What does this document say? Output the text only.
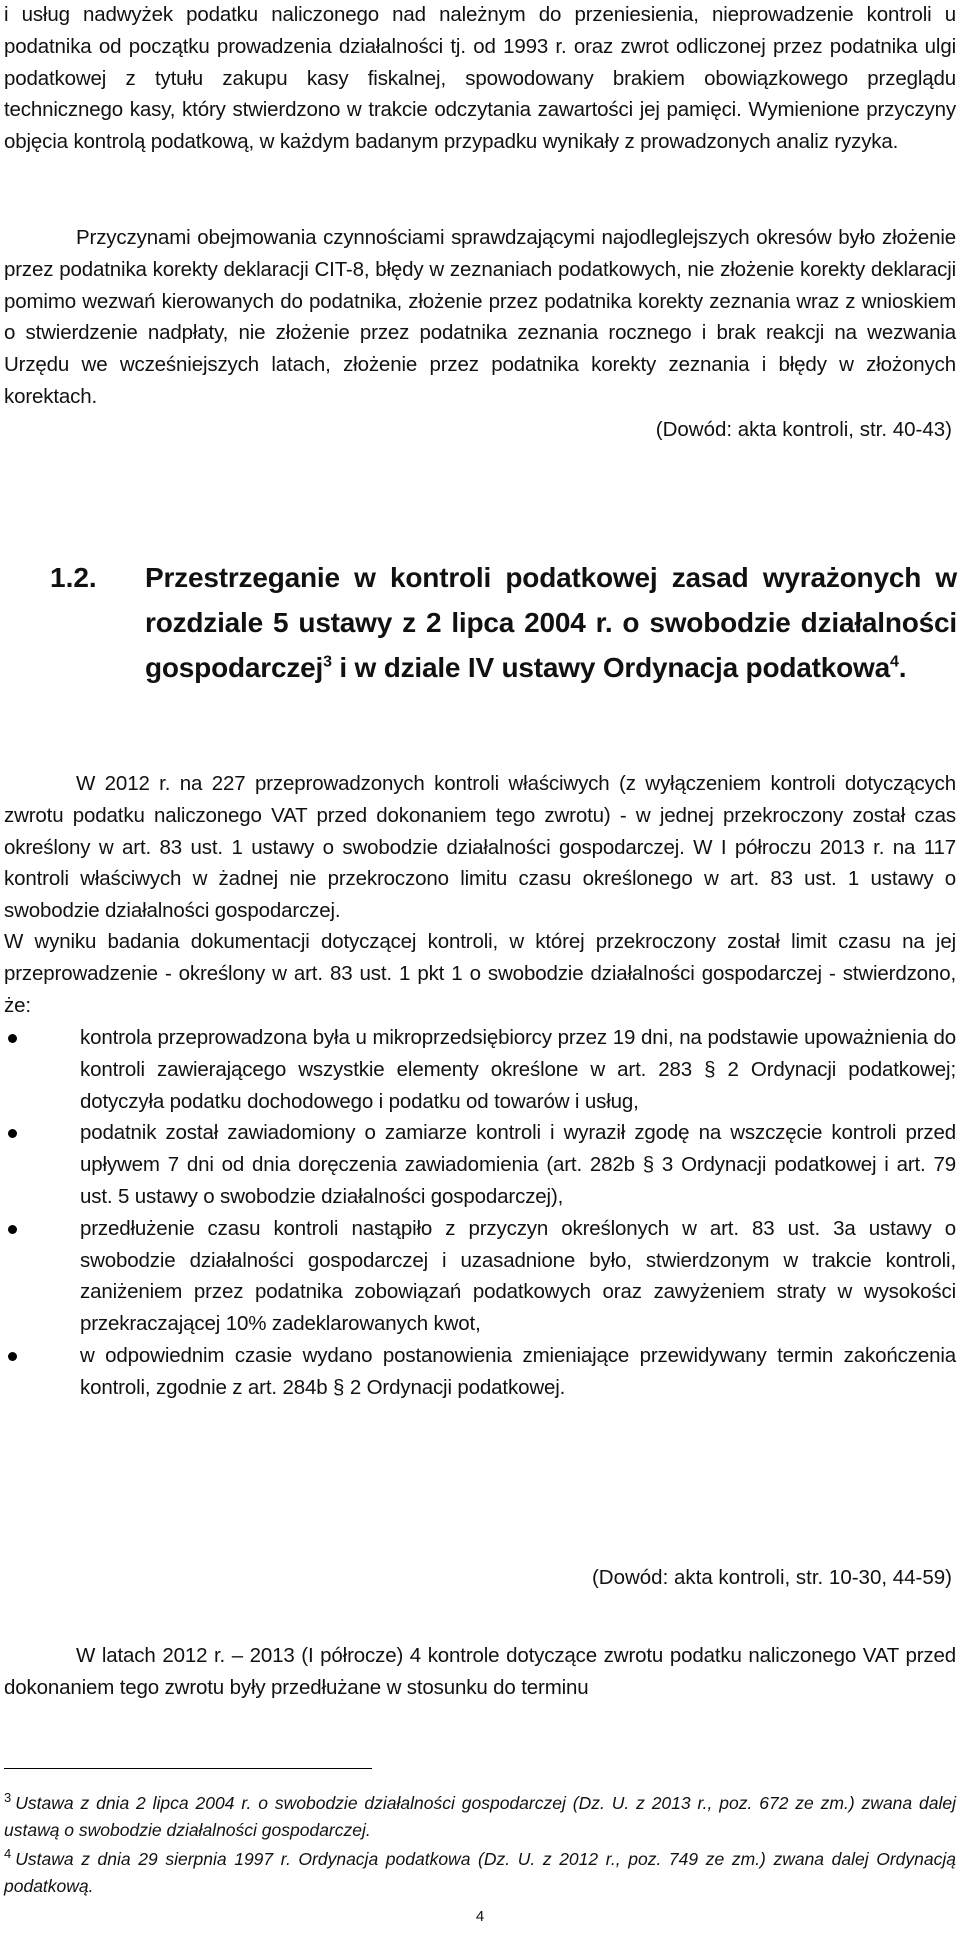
i usług nadwyżek podatku naliczonego nad należnym do przeniesienia, nieprowadzenie kontroli u podatnika od początku prowadzenia działalności tj. od 1993 r. oraz zwrot odliczonej przez podatnika ulgi podatkowej z tytułu zakupu kasy fiskalnej, spowodowany brakiem obowiązkowego przeglądu technicznego kasy, który stwierdzono w trakcie odczytania zawartości jej pamięci. Wymienione przyczyny objęcia kontrolą podatkową, w każdym badanym przypadku wynikały z prowadzonych analiz ryzyka.

Przyczynami obejmowania czynnościami sprawdzającymi najodleglejszych okresów było złożenie przez podatnika korekty deklaracji CIT-8, błędy w zeznaniach podatkowych, nie złożenie korekty deklaracji pomimo wezwań kierowanych do podatnika, złożenie przez podatnika korekty zeznania wraz z wnioskiem o stwierdzenie nadpłaty, nie złożenie przez podatnika zeznania rocznego i brak reakcji na wezwania Urzędu we wcześniejszych latach, złożenie przez podatnika korekty zeznania i błędy w złożonych korektach.

(Dowód: akta kontroli, str. 40-43)

1.2. Przestrzeganie w kontroli podatkowej zasad wyrażonych w rozdziale 5 ustawy z 2 lipca 2004 r. o swobodzie działalności gospodarczej$^3$ i w dziale IV ustawy Ordynacja podatkowa$^4$.

W 2012 r. na 227 przeprowadzonych kontroli właściwych (z wyłączeniem kontroli dotyczących zwrotu podatku naliczonego VAT przed dokonaniem tego zwrotu) - w jednej przekroczony został czas określony w art. 83 ust. 1 ustawy o swobodzie działalności gospodarczej. W I półroczu 2013 r. na 117 kontroli właściwych w żadnej nie przekroczono limitu czasu określonego w art. 83 ust. 1 ustawy o swobodzie działalności gospodarczej.

W wyniku badania dokumentacji dotyczącej kontroli, w której przekroczony został limit czasu na jej przeprowadzenie - określony w art. 83 ust. 1 pkt 1 o swobodzie działalności gospodarczej - stwierdzono, że:

kontrola przeprowadzona była u mikroprzedsiębiorcy przez 19 dni, na podstawie upoważnienia do kontroli zawierającego wszystkie elementy określone w art. 283 § 2 Ordynacji podatkowej; dotyczyła podatku dochodowego i podatku od towarów i usług,
podatnik został zawiadomiony o zamiarze kontroli i wyraził zgodę na wszczęcie kontroli przed upływem 7 dni od dnia doręczenia zawiadomienia (art. 282b § 3 Ordynacji podatkowej i art. 79 ust. 5 ustawy o swobodzie działalności gospodarczej),
przedłużenie czasu kontroli nastąpiło z przyczyn określonych w art. 83 ust. 3a ustawy o swobodzie działalności gospodarczej i uzasadnione było, stwierdzonym w trakcie kontroli, zaniżeniem przez podatnika zobowiązań podatkowych oraz zawyżeniem straty w wysokości przekraczającej 10% zadeklarowanych kwot,
w odpowiednim czasie wydano postanowienia zmieniające przewidywany termin zakończenia kontroli, zgodnie z art. 284b § 2 Ordynacji podatkowej.

(Dowód: akta kontroli, str. 10-30, 44-59)

W latach 2012 r. – 2013 (I półrocze) 4 kontrole dotyczące zwrotu podatku naliczonego VAT przed dokonaniem tego zwrotu były przedłużane w stosunku do terminu

$^3$ Ustawa z dnia 2 lipca 2004 r. o swobodzie działalności gospodarczej (Dz. U. z 2013 r., poz. 672 ze zm.) zwana dalej ustawą o swobodzie działalności gospodarczej.
$^4$ Ustawa z dnia 29 sierpnia 1997 r. Ordynacja podatkowa (Dz. U. z 2012 r., poz. 749 ze zm.) zwana dalej Ordynacją podatkową.
4
